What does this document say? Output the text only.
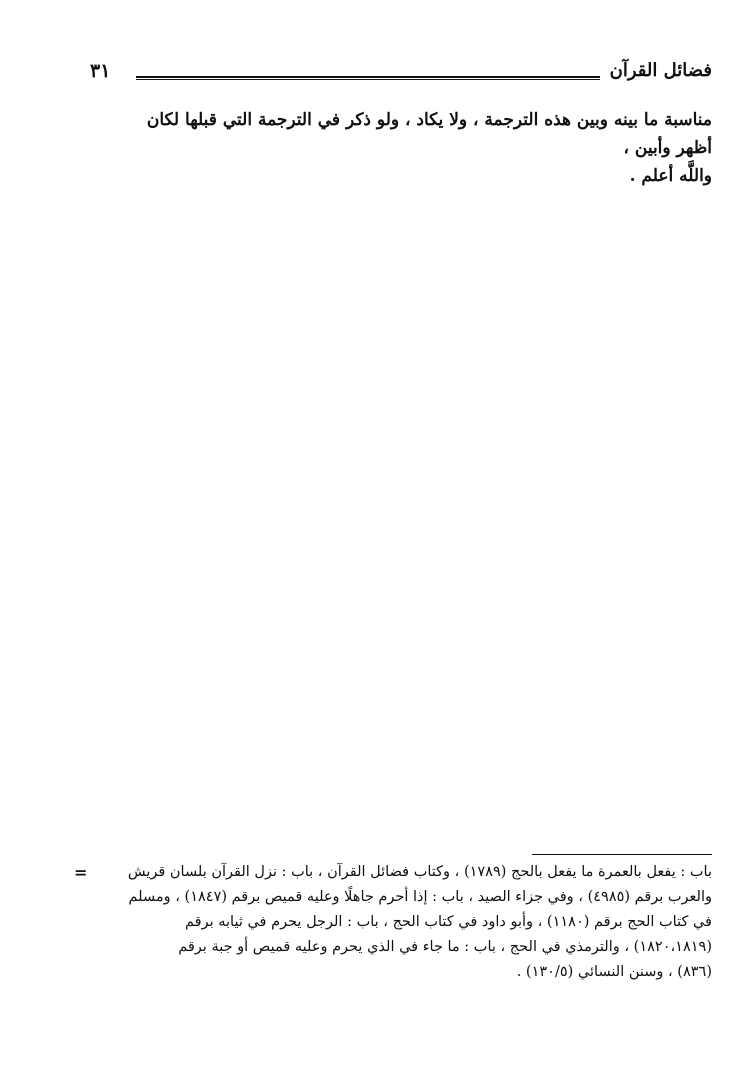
فضائل القرآن
٣١

مناسبة ما بينه وبين هذه الترجمة ، ولا يكاد ، ولو ذكر في الترجمة التي قبلها لكان أظهر وأبين ،

واللَّه أعلم .

=	باب : يفعل بالعمرة ما يفعل بالحج (١٧٨٩) ، وكتاب فضائل القرآن ، باب : نزل القرآن بلسان قريش

والعرب برقم (٤٩٨٥) ، وفي جزاء الصيد ، باب : إذا أحرم جاهلًا وعليه قميص برقم (١٨٤٧) ، ومسلم

في كتاب الحج برقم (١١٨٠) ، وأبو داود في كتاب الحج ، باب : الرجل يحرم في ثيابه برقم

(١٨٢٠،١٨١٩) ، والترمذي في الحج ، باب : ما جاء في الذي يحرم وعليه قميص أو جبة برقم

(٨٣٦) ، وسنن النسائي (١٣٠/٥) .
